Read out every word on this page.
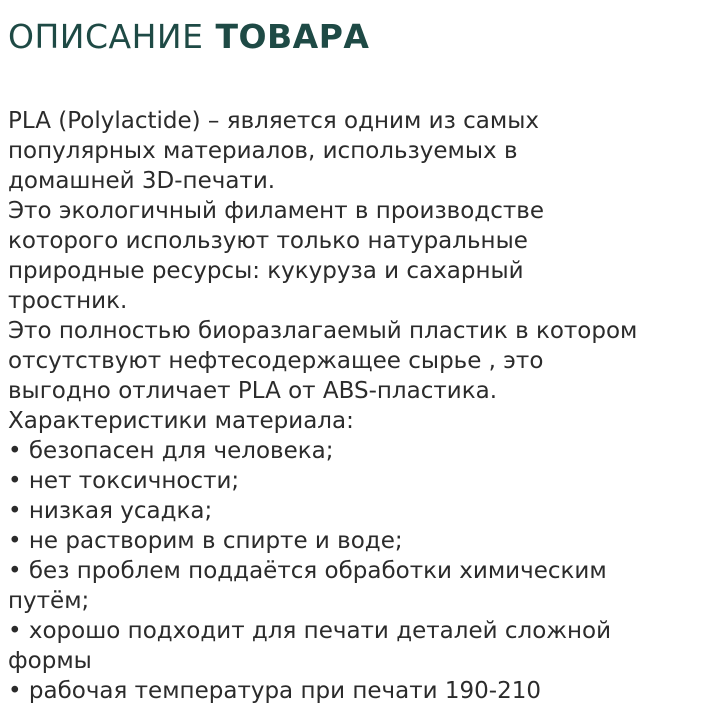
ОПИСАНИЕ ТОВАРА
PLA (Polylactide) – является одним из самых
популярных материалов, используемых в
домашней 3D-печати.
Это экологичный филамент в производстве
которого используют только натуральные
природные ресурсы: кукуруза и сахарный
тростник.
Это полностью биоразлагаемый пластик в котором
отсутствуют нефтесодержащее сырье , это
выгодно отличает PLA от ABS-пластика.
Характеристики материала:
• безопасен для человека;
• нет токсичности;
• низкая усадка;
• не растворим в спирте и воде;
• без проблем поддаётся обработки химическим
путём;
• хорошо подходит для печати деталей сложной
формы
• рабочая температура при печати 190-210
